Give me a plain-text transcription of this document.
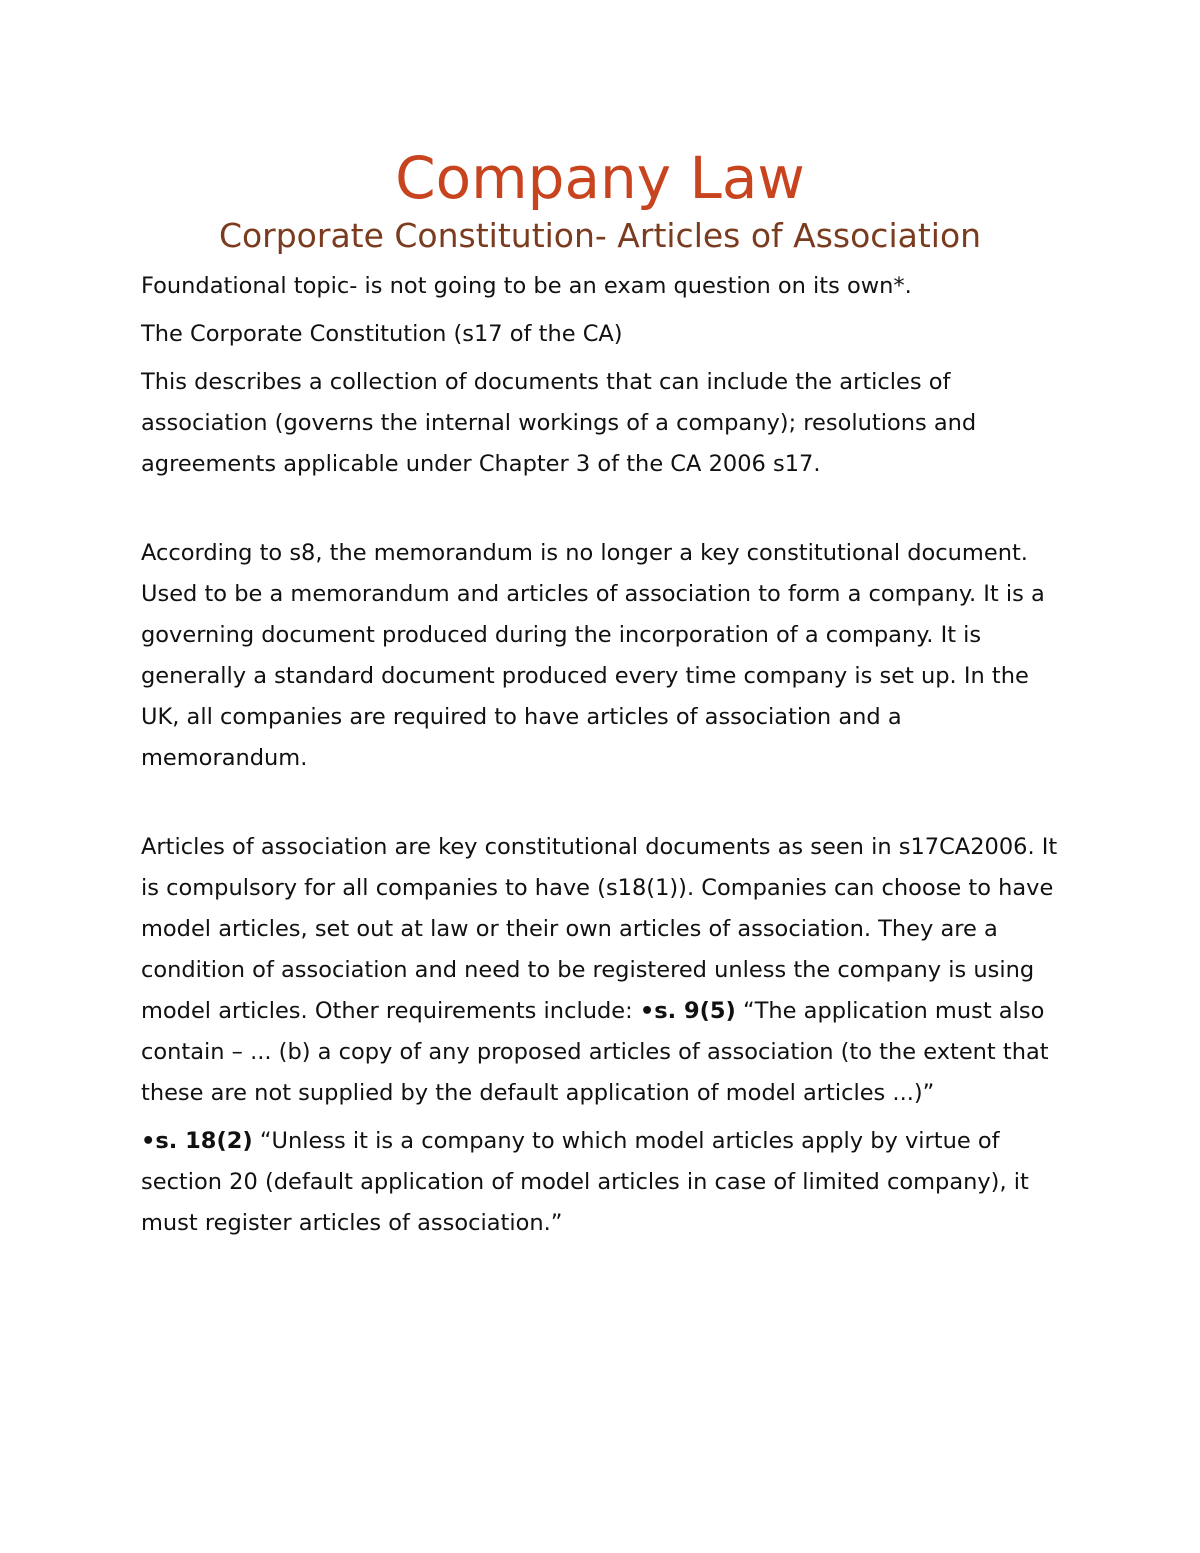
Company Law
Corporate Constitution- Articles of Association

Foundational topic- is not going to be an exam question on its own*.

The Corporate Constitution (s17 of the CA)

This describes a collection of documents that can include the articles of association (governs the internal workings of a company); resolutions and agreements applicable under Chapter 3 of the CA 2006 s17.

According to s8, the memorandum is no longer a key constitutional document. Used to be a memorandum and articles of association to form a company. It is a governing document produced during the incorporation of a company. It is generally a standard document produced every time company is set up. In the UK, all companies are required to have articles of association and a memorandum.

Articles of association are key constitutional documents as seen in s17CA2006. It is compulsory for all companies to have (s18(1)). Companies can choose to have model articles, set out at law or their own articles of association. They are a condition of association and need to be registered unless the company is using model articles. Other requirements include: •s. 9(5) “The application must also contain – ... (b) a copy of any proposed articles of association (to the extent that these are not supplied by the default application of model articles ...)”

•s. 18(2) “Unless it is a company to which model articles apply by virtue of section 20 (default application of model articles in case of limited company), it must register articles of association.”
